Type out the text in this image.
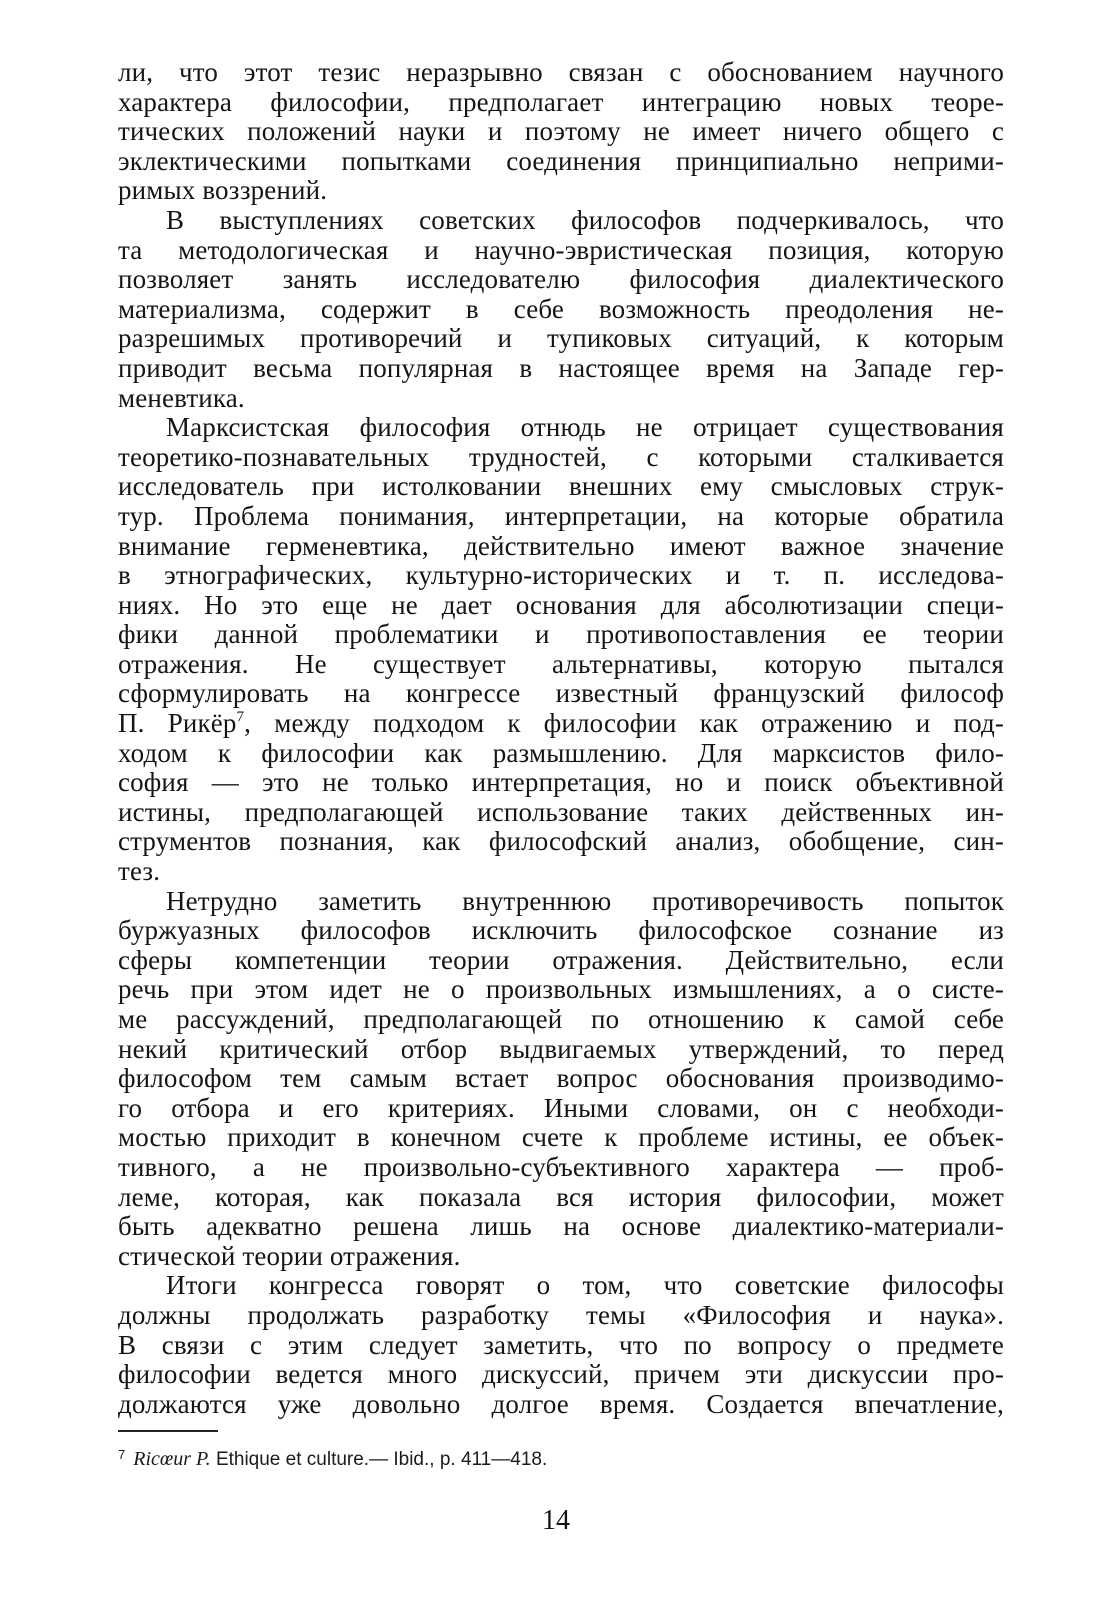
ли, что этот тезис неразрывно связан с обоснованием научного
характера философии, предполагает интеграцию новых теоре-
тических положений науки и поэтому не имеет ничего общего с
эклектическими попытками соединения принципиально неприми-
римых воззрений.
В выступлениях советских философов подчеркивалось, что
та методологическая и научно-эвристическая позиция, которую
позволяет занять исследователю философия диалектического
материализма, содержит в себе возможность преодоления не-
разрешимых противоречий и тупиковых ситуаций, к которым
приводит весьма популярная в настоящее время на Западе гер-
меневтика.
Марксистская философия отнюдь не отрицает существования
теоретико-познавательных трудностей, с которыми сталкивается
исследователь при истолковании внешних ему смысловых струк-
тур. Проблема понимания, интерпретации, на которые обратила
внимание герменевтика, действительно имеют важное значение
в этнографических, культурно-исторических и т. п. исследова-
ниях. Но это еще не дает основания для абсолютизации специ-
фики данной проблематики и противопоставления ее теории
отражения. Не существует альтернативы, которую пытался
сформулировать на конгрессе известный французский философ
П. Рикёр$^7$, между подходом к философии как отражению и под-
ходом к философии как размышлению. Для марксистов фило-
софия — это не только интерпретация, но и поиск объективной
истины, предполагающей использование таких действенных ин-
струментов познания, как философский анализ, обобщение, син-
тез.
Нетрудно заметить внутреннюю противоречивость попыток
буржуазных философов исключить философское сознание из
сферы компетенции теории отражения. Действительно, если
речь при этом идет не о произвольных измышлениях, а о систе-
ме рассуждений, предполагающей по отношению к самой себе
некий критический отбор выдвигаемых утверждений, то перед
философом тем самым встает вопрос обоснования производимо-
го отбора и его критериях. Иными словами, он с необходи-
мостью приходит в конечном счете к проблеме истины, ее объек-
тивного, а не произвольно-субъективного характера — проб-
леме, которая, как показала вся история философии, может
быть адекватно решена лишь на основе диалектико-материали-
стической теории отражения.
Итоги конгресса говорят о том, что советские философы
должны продолжать разработку темы «Философия и наука».
В связи с этим следует заметить, что по вопросу о предмете
философии ведется много дискуссий, причем эти дискуссии про-
должаются уже довольно долгое время. Создается впечатление,
$^7$ Ricœur P. Ethique et culture.— Ibid., p. 411—418.
14
